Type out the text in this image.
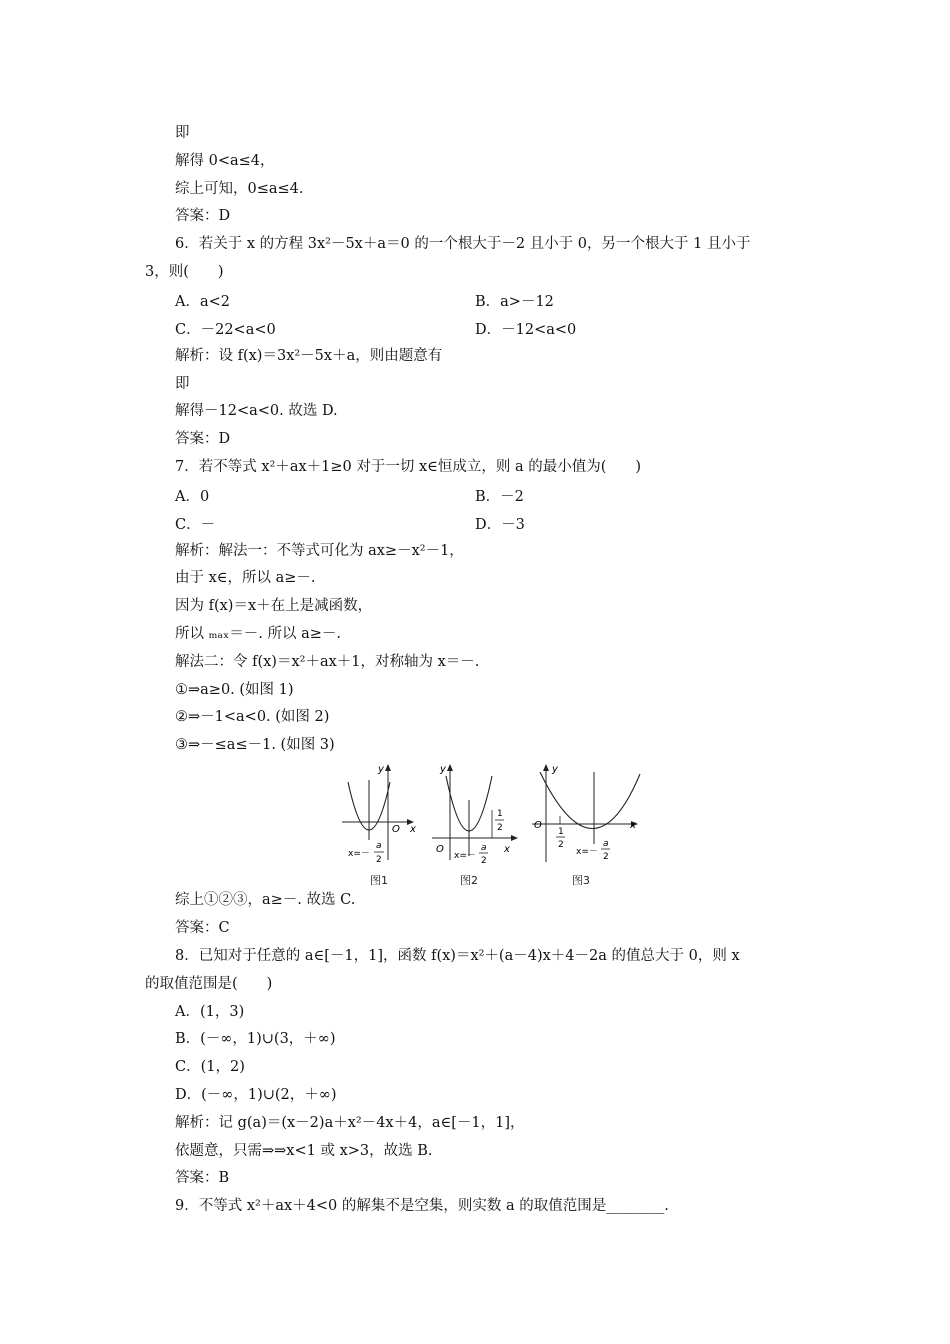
即
解得 0<a≤4，
综上可知，0≤a≤4.
答案：D
6．若关于 x 的方程 3x²－5x＋a＝0 的一个根大于－2 且小于 0，另一个根大于 1 且小于
3，则(　　)
A．a<2	B．a>－12
C．－22<a<0	D．－12<a<0
解析：设 f(x)＝3x²－5x＋a，则由题意有
即
解得－12<a<0. 故选 D.
答案：D
7．若不等式 x²＋ax＋1≥0 对于一切 x∈恒成立，则 a 的最小值为(　　)
A．0	B．－2
C．－	D．－3
解析：解法一：不等式可化为 ax≥－x²－1，
由于 x∈，所以 a≥－.
因为 f(x)＝x＋在上是减函数，
所以 ₘₐₓ＝－. 所以 a≥－.
解法二：令 f(x)＝x²＋ax＋1，对称轴为 x＝－.
①⇒a≥0. (如图 1)
②⇒－1<a<0. (如图 2)
③⇒－≤a≤－1. (如图 3)
y
O x
x=－
a
2
图1
y
O	x
1
2
x=－
a
2
图2
y
O	x
1
2
x=－
a
2
图3
综上①②③，a≥－. 故选 C.
答案：C
8．已知对于任意的 a∈[－1，1]，函数 f(x)＝x²＋(a－4)x＋4－2a 的值总大于 0，则 x
的取值范围是(　　)
A．(1，3)
B．(－∞，1)∪(3，＋∞)
C．(1，2)
D．(－∞，1)∪(2，＋∞)
解析：记 g(a)＝(x－2)a＋x²－4x＋4，a∈[－1，1]，
依题意，只需⇒⇒x<1 或 x>3，故选 B.
答案：B
9．不等式 x²＋ax＋4<0 的解集不是空集，则实数 a 的取值范围是________.
